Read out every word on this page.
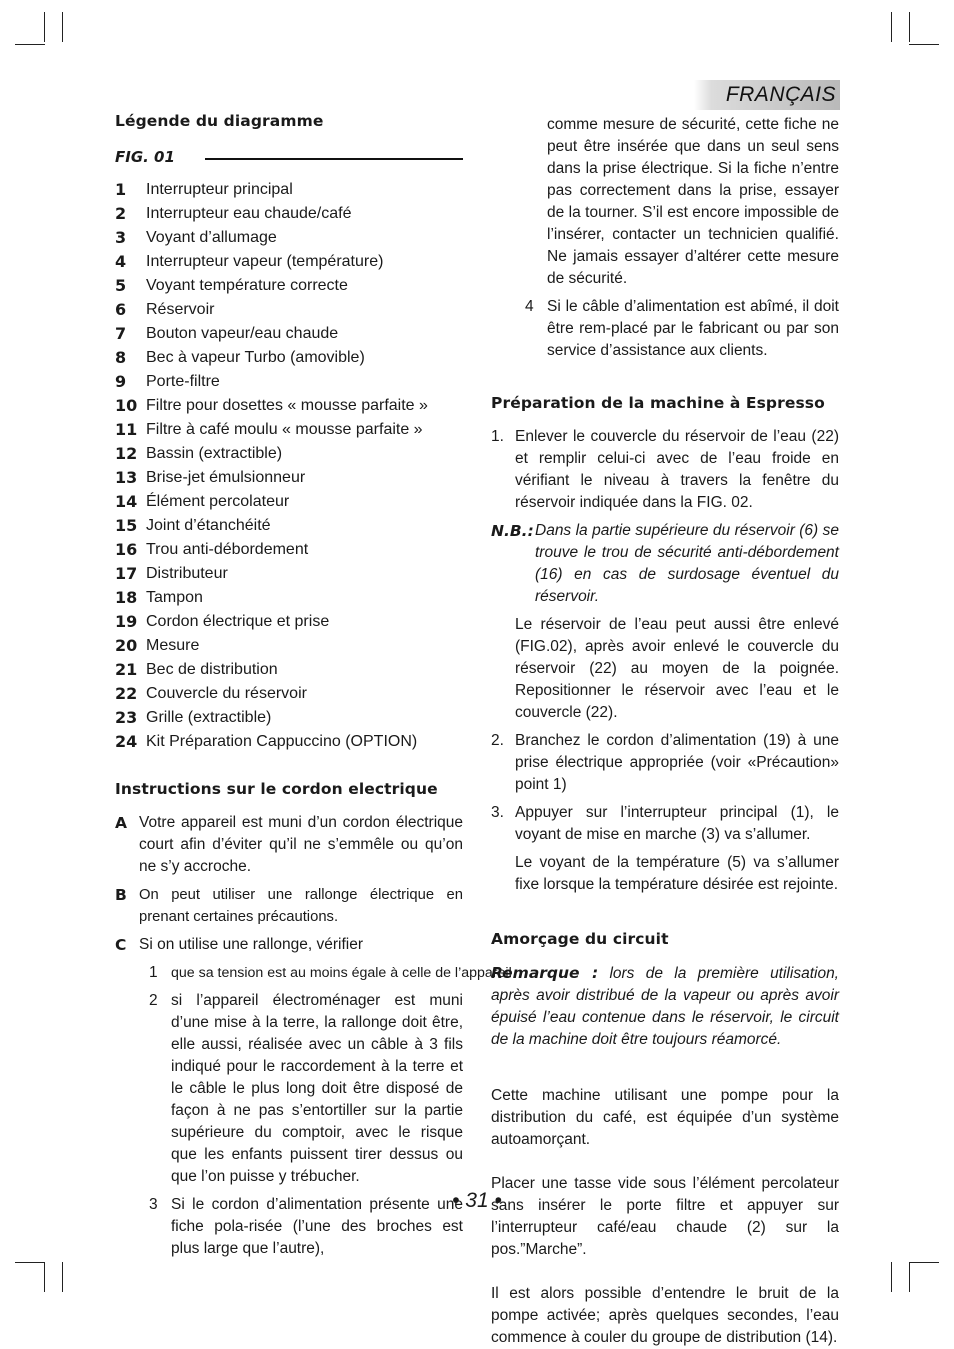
FRANÇAIS

Légende du diagramme

FIG. 01
1	Interrupteur principal
2	Interrupteur eau chaude/café
3	Voyant d’allumage
4	Interrupteur vapeur (température)
5	Voyant température correcte
6	Réservoir
7	Bouton vapeur/eau chaude
8	Bec à vapeur Turbo (amovible)
9	Porte-filtre
10 Filtre pour dosettes « mousse parfaite »
11 Filtre à café moulu « mousse parfaite »
12 Bassin (extractible)
13 Brise-jet émulsionneur
14 Élément percolateur
15 Joint d’étanchéité
16 Trou anti-débordement
17 Distributeur
18 Tampon
19 Cordon électrique et prise
20 Mesure
21 Bec de distribution
22 Couvercle du réservoir
23 Grille (extractible)
24 Kit Préparation Cappuccino (OPTION)

Instructions sur le cordon electrique

A Votre appareil est muni d’un cordon électrique court afin d’éviter qu’il ne s’emmêle ou qu’on ne s’y accroche.
B On peut utiliser une rallonge électrique en prenant certaines précautions.
C Si on utilise une rallonge, vérifier
1 que sa tension est au moins égale à celle de l’appareil
2 si l’appareil électroménager est muni d’une mise à la terre, la rallonge doit être, elle aussi, réalisée avec un câble à 3 fils indiqué pour le raccordement à la terre et le câble le plus long doit être disposé de façon à ne pas s’entortiller sur la partie supérieure du comptoir, avec le risque que les enfants puissent tirer dessus ou que l’on puisse y trébucher.
3 Si le cordon d’alimentation présente une fiche pola-risée (l’une des broches est plus large que l’autre),
comme mesure de sécurité, cette fiche ne peut être insérée que dans un seul sens dans la prise électrique. Si la fiche n’entre pas correctement dans la prise, essayer de la tourner. S’il est encore impossible de l’insérer, contacter un technicien qualifié. Ne jamais essayer d’altérer cette mesure de sécurité.
4 Si le câble d’alimentation est abîmé, il doit être rem-placé par le fabricant ou par son service d’assistance aux clients.

Préparation de la machine à Espresso

1. Enlever le couvercle du réservoir de l’eau (22) et remplir celui-ci avec de l’eau froide en vérifiant le niveau à travers la fenêtre du réservoir indiquée dans la FIG. 02.
N.B.: Dans la partie supérieure du réservoir (6) se trouve le trou de sécurité anti-débordement (16) en cas de surdosage éventuel du réservoir.
Le réservoir de l’eau peut aussi être enlevé (FIG.02), après avoir enlevé le couvercle du réservoir (22) au moyen de la poignée. Repositionner le réservoir avec l’eau et le couvercle (22).
2. Branchez le cordon d’alimentation (19) à une prise électrique appropriée (voir «Précaution» point 1)
3. Appuyer sur l’interrupteur principal (1), le voyant de mise en marche (3) va s’allumer.
Le voyant de la température (5) va s’allumer fixe lorsque la température désirée est rejointe.

Amorçage du circuit

Remarque : lors de la première utilisation, après avoir distribué de la vapeur ou après avoir épuisé l’eau contenue dans le réservoir, le circuit de la machine doit être toujours réamorcé.
Cette machine utilisant une pompe pour la distribution du café, est équipée d’un système autoamorçant.
Placer une tasse vide sous l’élément percolateur sans insérer le porte filtre et appuyer sur l’interrupteur café/eau chaude (2) sur la pos.”Marche”.
Il est alors possible d’entendre le bruit de la pompe activée; après quelques secondes, l’eau commence à couler du groupe de distribution (14).
• 31 •
